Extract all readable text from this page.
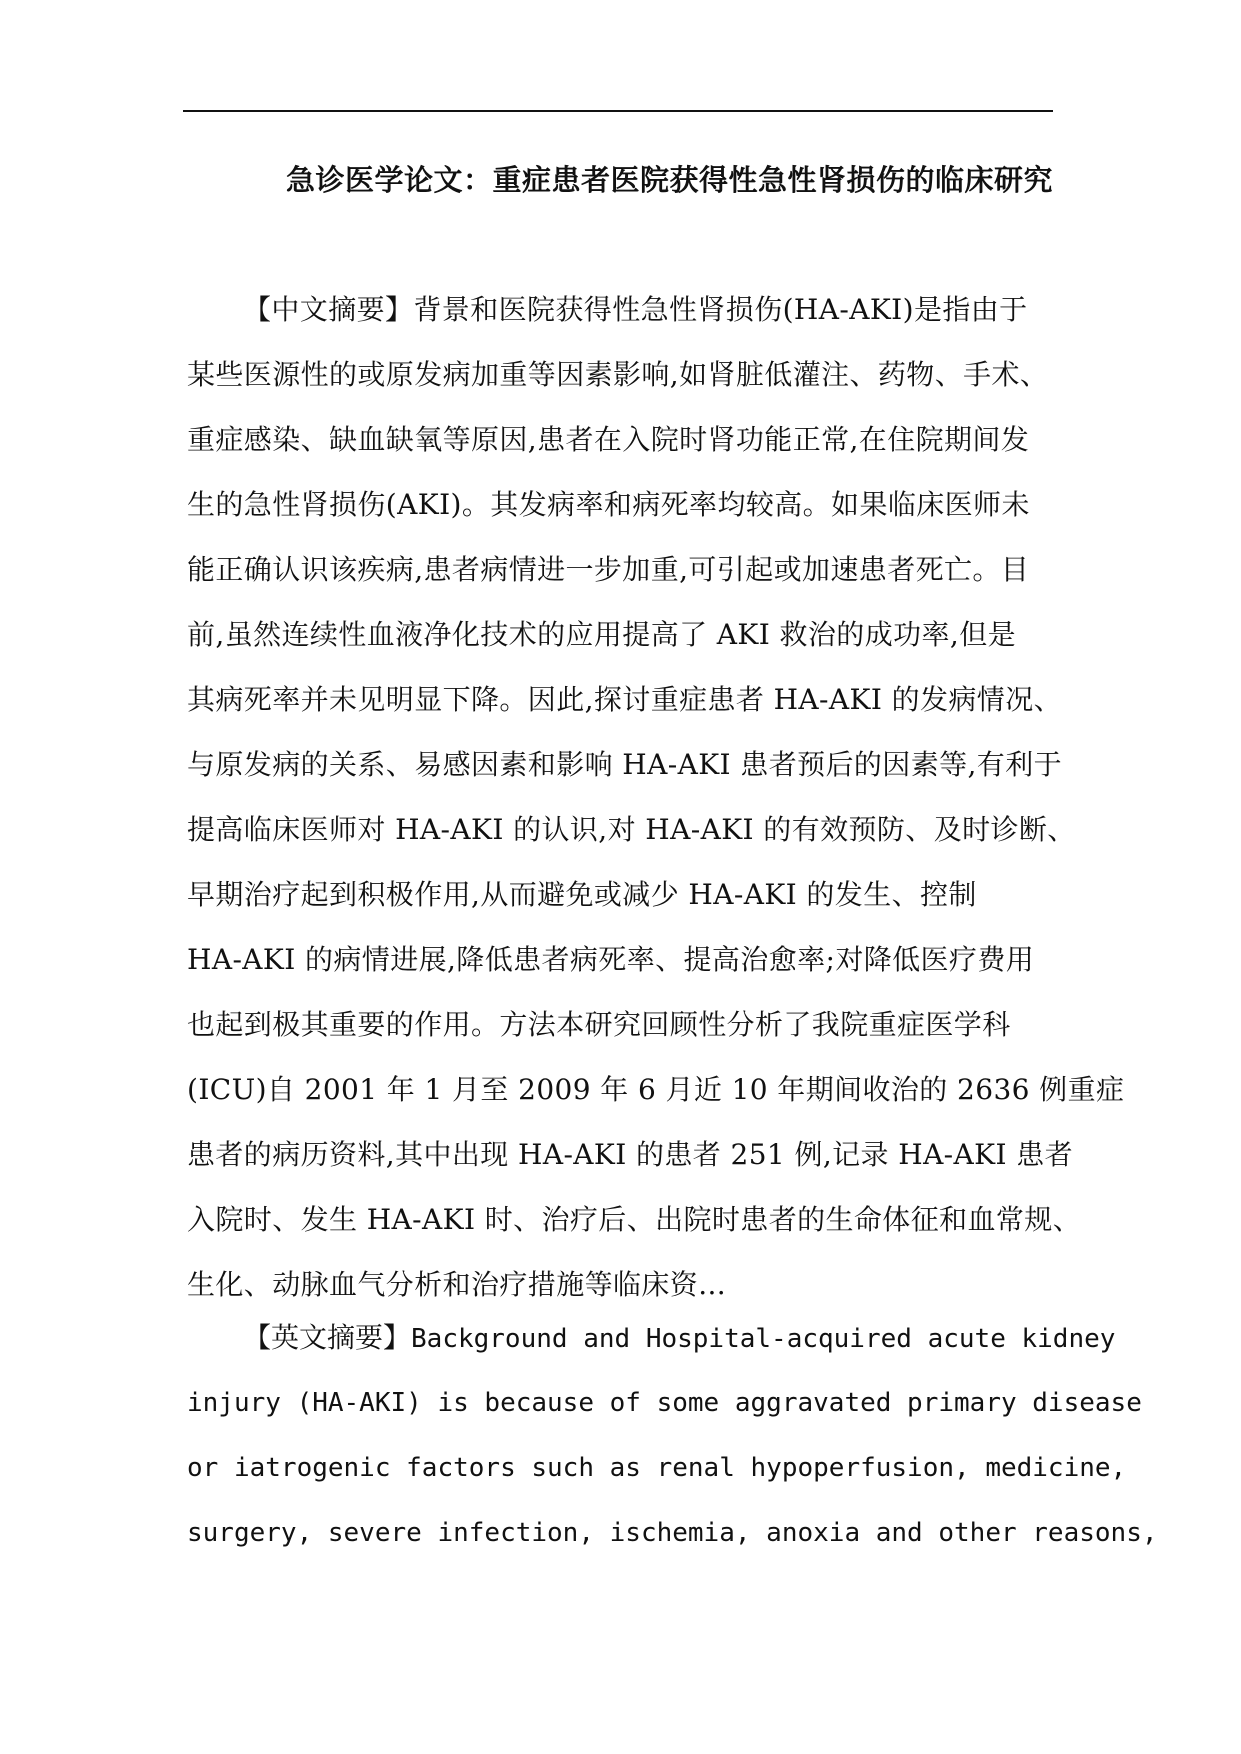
急诊医学论文：重症患者医院获得性急性肾损伤的临床研究
【中文摘要】背景和医院获得性急性肾损伤(HA-AKI)是指由于
某些医源性的或原发病加重等因素影响,如肾脏低灌注、药物、手术、
重症感染、缺血缺氧等原因,患者在入院时肾功能正常,在住院期间发
生的急性肾损伤(AKI)。其发病率和病死率均较高。如果临床医师未
能正确认识该疾病,患者病情进一步加重,可引起或加速患者死亡。目
前,虽然连续性血液净化技术的应用提高了 AKI 救治的成功率,但是
其病死率并未见明显下降。因此,探讨重症患者 HA-AKI 的发病情况、
与原发病的关系、易感因素和影响 HA-AKI 患者预后的因素等,有利于
提高临床医师对 HA-AKI 的认识,对 HA-AKI 的有效预防、及时诊断、
早期治疗起到积极作用,从而避免或减少 HA-AKI 的发生、控制
HA-AKI 的病情进展,降低患者病死率、提高治愈率;对降低医疗费用
也起到极其重要的作用。方法本研究回顾性分析了我院重症医学科
(ICU)自 2001 年 1 月至 2009 年 6 月近 10 年期间收治的 2636 例重症
患者的病历资料,其中出现 HA-AKI 的患者 251 例,记录 HA-AKI 患者
入院时、发生 HA-AKI 时、治疗后、出院时患者的生命体征和血常规、
生化、动脉血气分析和治疗措施等临床资...
【英文摘要】Background and Hospital-acquired acute kidney
injury (HA-AKI) is because of some aggravated primary disease
or iatrogenic factors such as renal hypoperfusion, medicine,
surgery, severe infection, ischemia, anoxia and other reasons,
